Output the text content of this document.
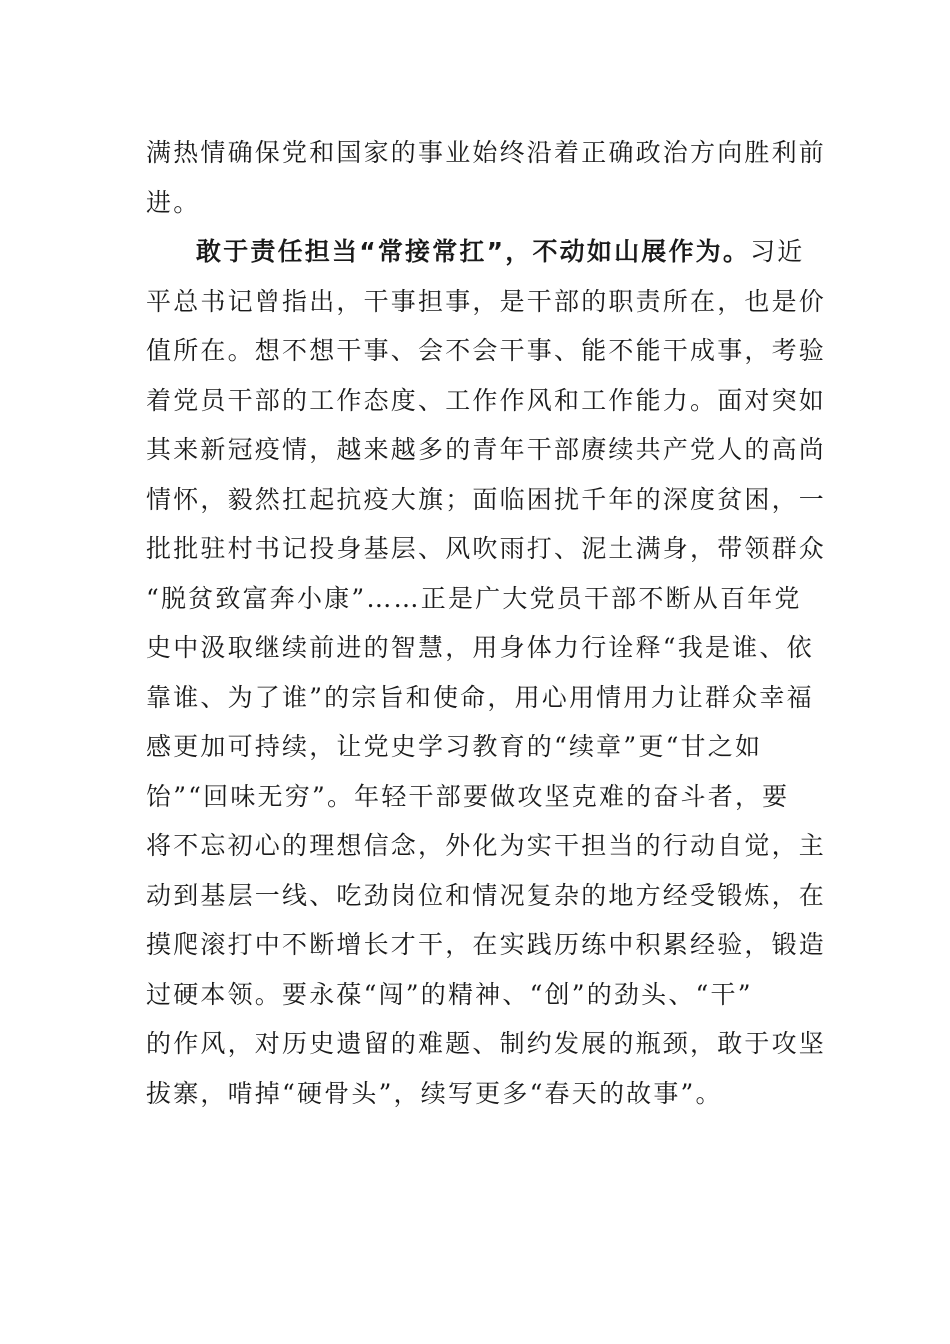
满热情确保党和国家的事业始终沿着正确政治方向胜利前
进。
敢于责任担当“常接常扛”，不动如山展作为。习近
平总书记曾指出，干事担事，是干部的职责所在，也是价
值所在。想不想干事、会不会干事、能不能干成事，考验
着党员干部的工作态度、工作作风和工作能力。面对突如
其来新冠疫情，越来越多的青年干部赓续共产党人的高尚
情怀，毅然扛起抗疫大旗；面临困扰千年的深度贫困，一
批批驻村书记投身基层、风吹雨打、泥土满身，带领群众
“脱贫致富奔小康”……正是广大党员干部不断从百年党
史中汲取继续前进的智慧，用身体力行诠释“我是谁、依
靠谁、为了谁”的宗旨和使命，用心用情用力让群众幸福
感更加可持续，让党史学习教育的“续章”更“甘之如
饴”“回味无穷”。年轻干部要做攻坚克难的奋斗者，要
将不忘初心的理想信念，外化为实干担当的行动自觉，主
动到基层一线、吃劲岗位和情况复杂的地方经受锻炼，在
摸爬滚打中不断增长才干，在实践历练中积累经验，锻造
过硬本领。要永葆“闯”的精神、“创”的劲头、“干”
的作风，对历史遗留的难题、制约发展的瓶颈，敢于攻坚
拔寨，啃掉“硬骨头”，续写更多“春天的故事”。
